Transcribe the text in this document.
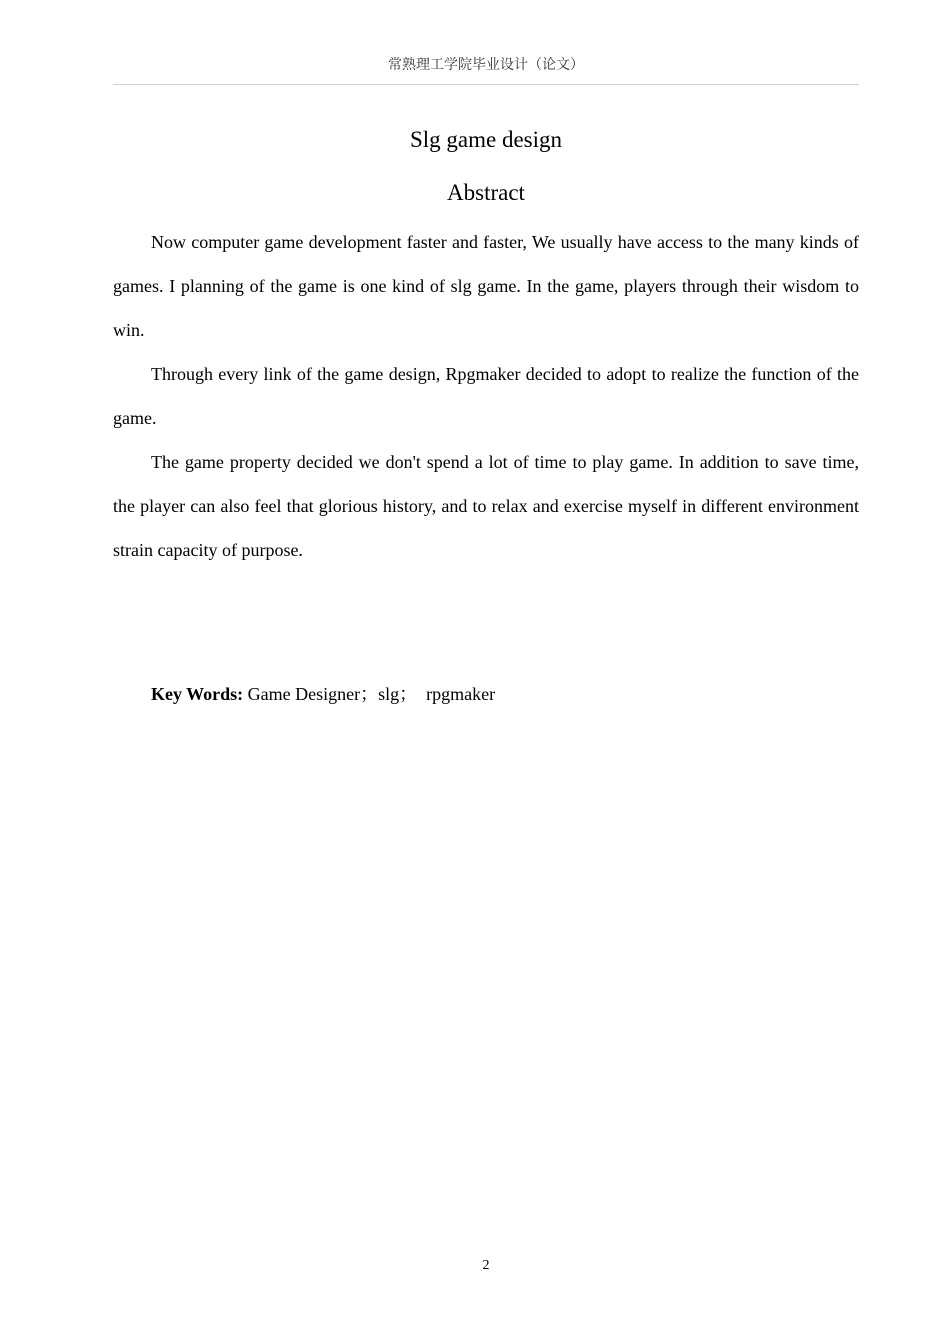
常熟理工学院毕业设计（论文）
Slg game design
Abstract

Now computer game development faster and faster, We usually have access to the many kinds of games. I planning of the game is one kind of slg game. In the game, players through their wisdom to win.

Through every link of the game design, Rpgmaker decided to adopt to realize the function of the game.

The game property decided we don't spend a lot of time to play game. In addition to save time, the player can also feel that glorious history, and to relax and exercise myself in different environment strain capacity of purpose.

Key Words: Game Designer；slg；  rpgmaker
2
